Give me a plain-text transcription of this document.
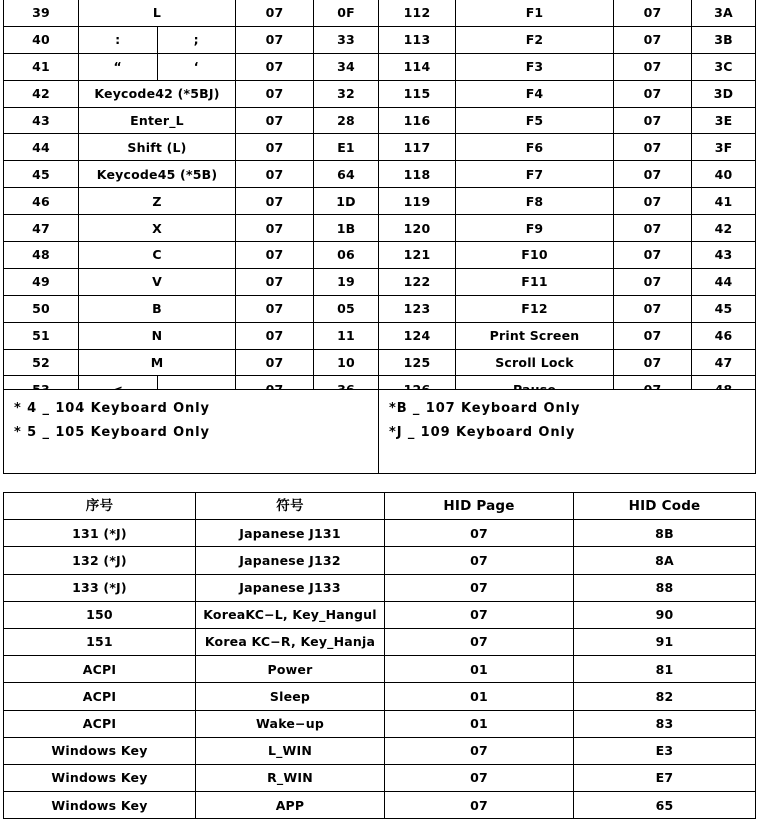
39	L		07	0F	112	F1	07	3A
40	:	;	07	33	113	F2	07	3B
41	“	‘	07	34	114	F3	07	3C
42	Keycode42 (*5BJ)		07	32	115	F4	07	3D
43	Enter_L		07	28	116	F5	07	3E
44	Shift (L)		07	E1	117	F6	07	3F
45	Keycode45 (*5B)		07	64	118	F7	07	40
46	Z		07	1D	119	F8	07	41
47	X		07	1B	120	F9	07	42
48	C		07	06	121	F10	07	43
49	V		07	19	122	F11	07	44
50	B		07	05	123	F12	07	45
51	N		07	11	124	Print Screen	07	46
52	M		07	10	125	Scroll Lock	07	47

* 4 _ 104 Keyboard Only
* 5 _ 105 Keyboard Only

*B _ 107 Keyboard Only
*J _ 109 Keyboard Only
序号	符号	HID Page	HID Code
131 (*J)	Japanese J131	07	8B
132 (*J)	Japanese J132	07	8A
133 (*J)	Japanese J133	07	88
150	KoreaKC−L, Key_Hangul	07	90
151	Korea KC−R, Key_Hanja	07	91
ACPI	Power	01	81
ACPI	Sleep	01	82
ACPI	Wake−up	01	83
Windows Key	L_WIN	07	E3
Windows Key	R_WIN	07	E7
Windows Key	APP	07	65
